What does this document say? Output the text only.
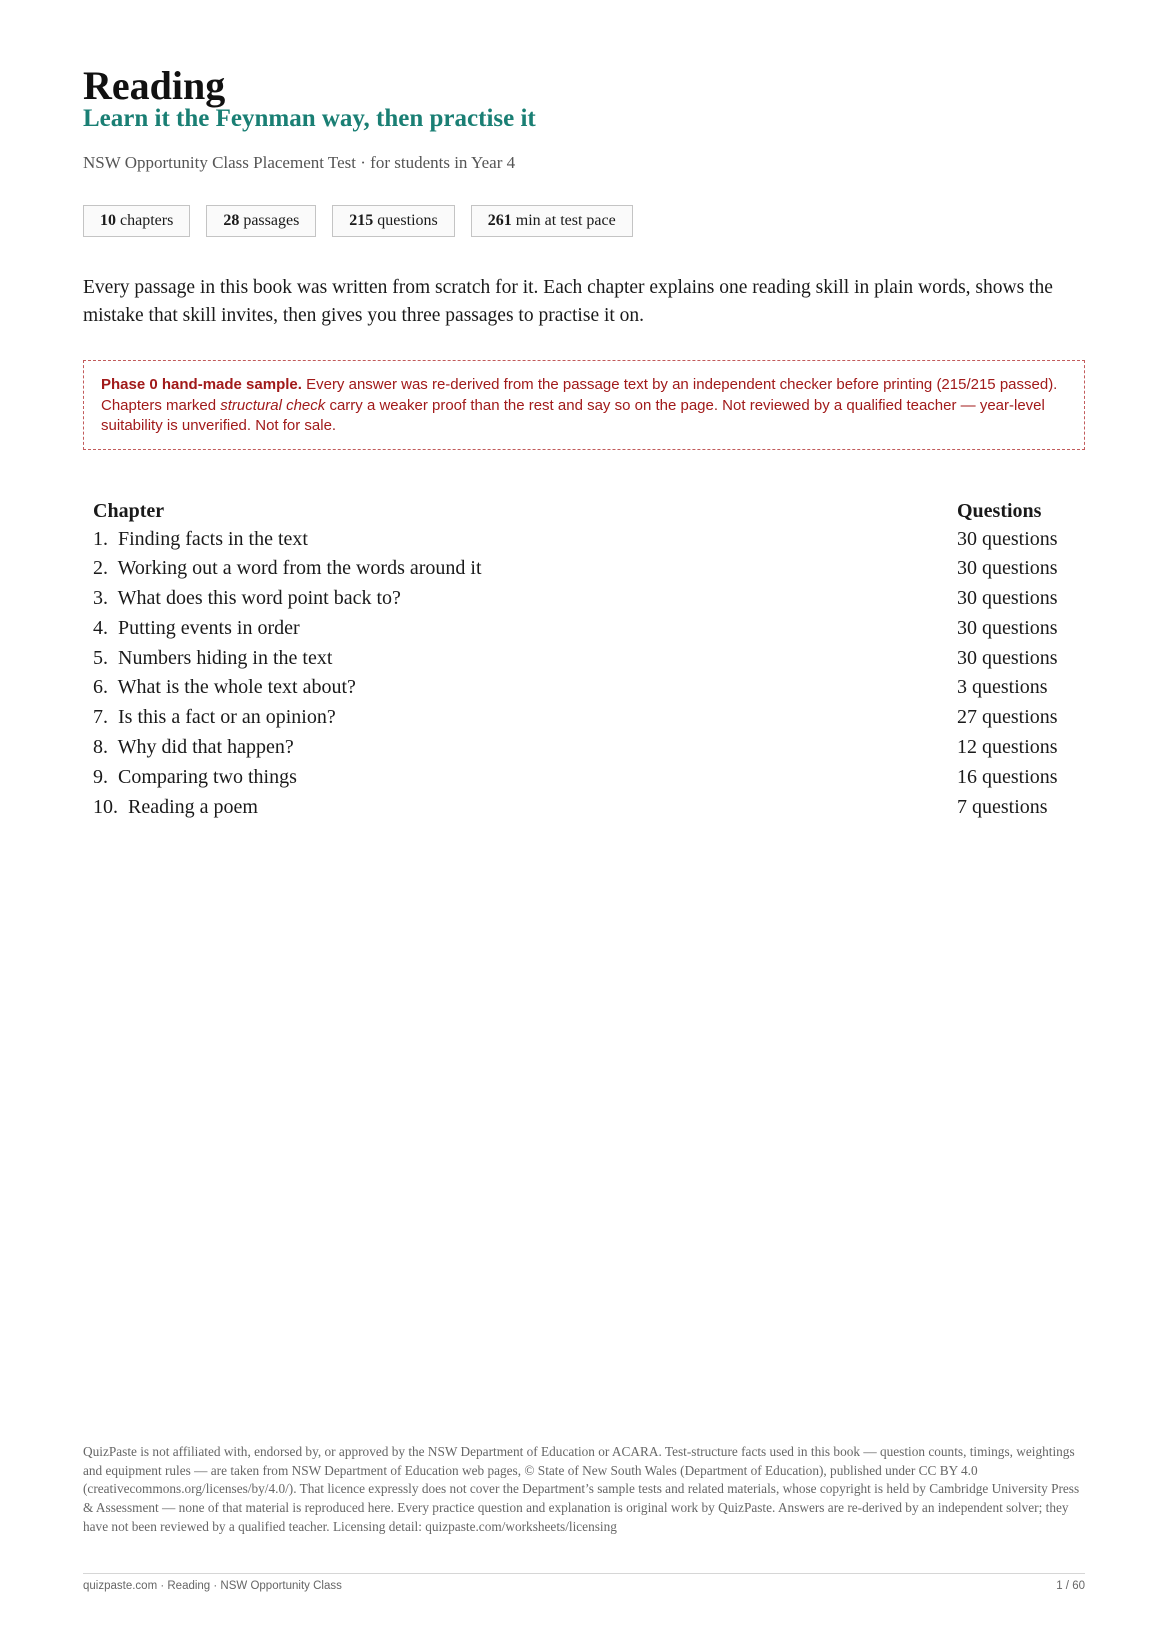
Reading
Learn it the Feynman way, then practise it
NSW Opportunity Class Placement Test · for students in Year 4
10 chapters	28 passages	215 questions	261 min at test pace
Every passage in this book was written from scratch for it. Each chapter explains one reading skill in plain words, shows the mistake that skill invites, then gives you three passages to practise it on.
Phase 0 hand-made sample. Every answer was re-derived from the passage text by an independent checker before printing (215/215 passed). Chapters marked structural check carry a weaker proof than the rest and say so on the page. Not reviewed by a qualified teacher — year-level suitability is unverified. Not for sale.
Chapter	Questions
1. Finding facts in the text	30 questions
2. Working out a word from the words around it	30 questions
3. What does this word point back to?	30 questions
4. Putting events in order	30 questions
5. Numbers hiding in the text	30 questions
6. What is the whole text about?	3 questions
7. Is this a fact or an opinion?	27 questions
8. Why did that happen?	12 questions
9. Comparing two things	16 questions
10. Reading a poem	7 questions
QuizPaste is not affiliated with, endorsed by, or approved by the NSW Department of Education or ACARA. Test-structure facts used in this book — question counts, timings, weightings and equipment rules — are taken from NSW Department of Education web pages, © State of New South Wales (Department of Education), published under CC BY 4.0 (creativecommons.org/licenses/by/4.0/). That licence expressly does not cover the Department’s sample tests and related materials, whose copyright is held by Cambridge University Press & Assessment — none of that material is reproduced here. Every practice question and explanation is original work by QuizPaste. Answers are re-derived by an independent solver; they have not been reviewed by a qualified teacher. Licensing detail: quizpaste.com/worksheets/licensing
quizpaste.com · Reading · NSW Opportunity Class	1 / 60
